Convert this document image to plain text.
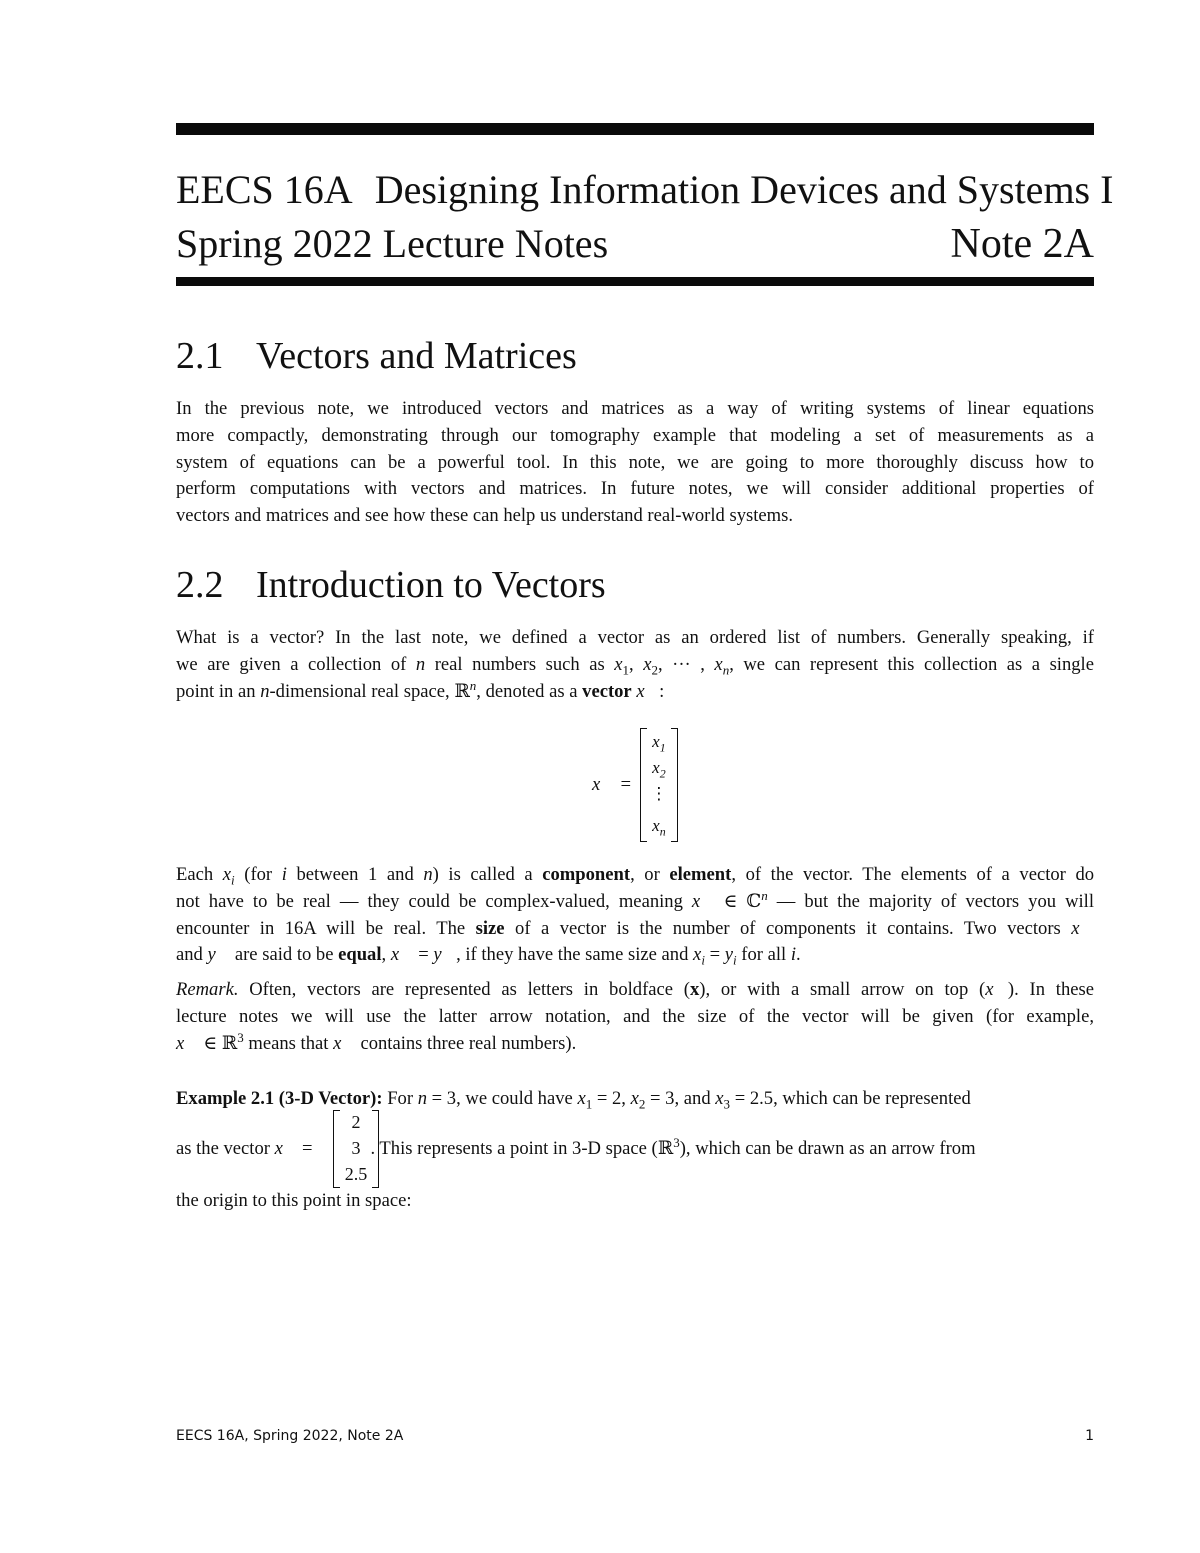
EECS 16A Designing Information Devices and Systems I
Spring 2022 Lecture Notes	Note 2A
2.1 Vectors and Matrices
In the previous note, we introduced vectors and matrices as a way of writing systems of linear equations
more compactly, demonstrating through our tomography example that modeling a set of measurements as a
system of equations can be a powerful tool. In this note, we are going to more thoroughly discuss how to
perform computations with vectors and matrices. In future notes, we will consider additional properties of
vectors and matrices and see how these can help us understand real-world systems.
2.2 Introduction to Vectors
What is a vector? In the last note, we defined a vector as an ordered list of numbers. Generally speaking, if
we are given a collection of n real numbers such as $x_1$, $x_2$, ··· , $x_n$, we can represent this collection as a single
point in an n-dimensional real space, ℝ$^n$, denoted as a vector x⃗:
x⃗ =
$x_1$
$x_2$
⋮
$x_n$
Each $x_i$ (for i between 1 and n) is called a component, or element, of the vector. The elements of a vector do
not have to be real — they could be complex-valued, meaning x⃗ ∈ ℂ$^n$ — but the majority of vectors you will
encounter in 16A will be real. The size of a vector is the number of components it contains. Two vectors x⃗
and y⃗ are said to be equal, x⃗ = y⃗, if they have the same size and $x_i = y_i$ for all i.
Remark. Often, vectors are represented as letters in boldface (x), or with a small arrow on top (x⃗). In these
lecture notes we will use the latter arrow notation, and the size of the vector will be given (for example,
x⃗ ∈ ℝ$^3$ means that x⃗ contains three real numbers).
Example 2.1 (3-D Vector): For n = 3, we could have $x_1 = 2$, $x_2 = 3$, and $x_3 = 2.5$, which can be represented
as the vector x⃗ =	. This represents a point in 3-D space (ℝ$^3$), which can be drawn as an arrow from
2
3
2.5
the origin to this point in space:
EECS 16A, Spring 2022, Note 2A	1
